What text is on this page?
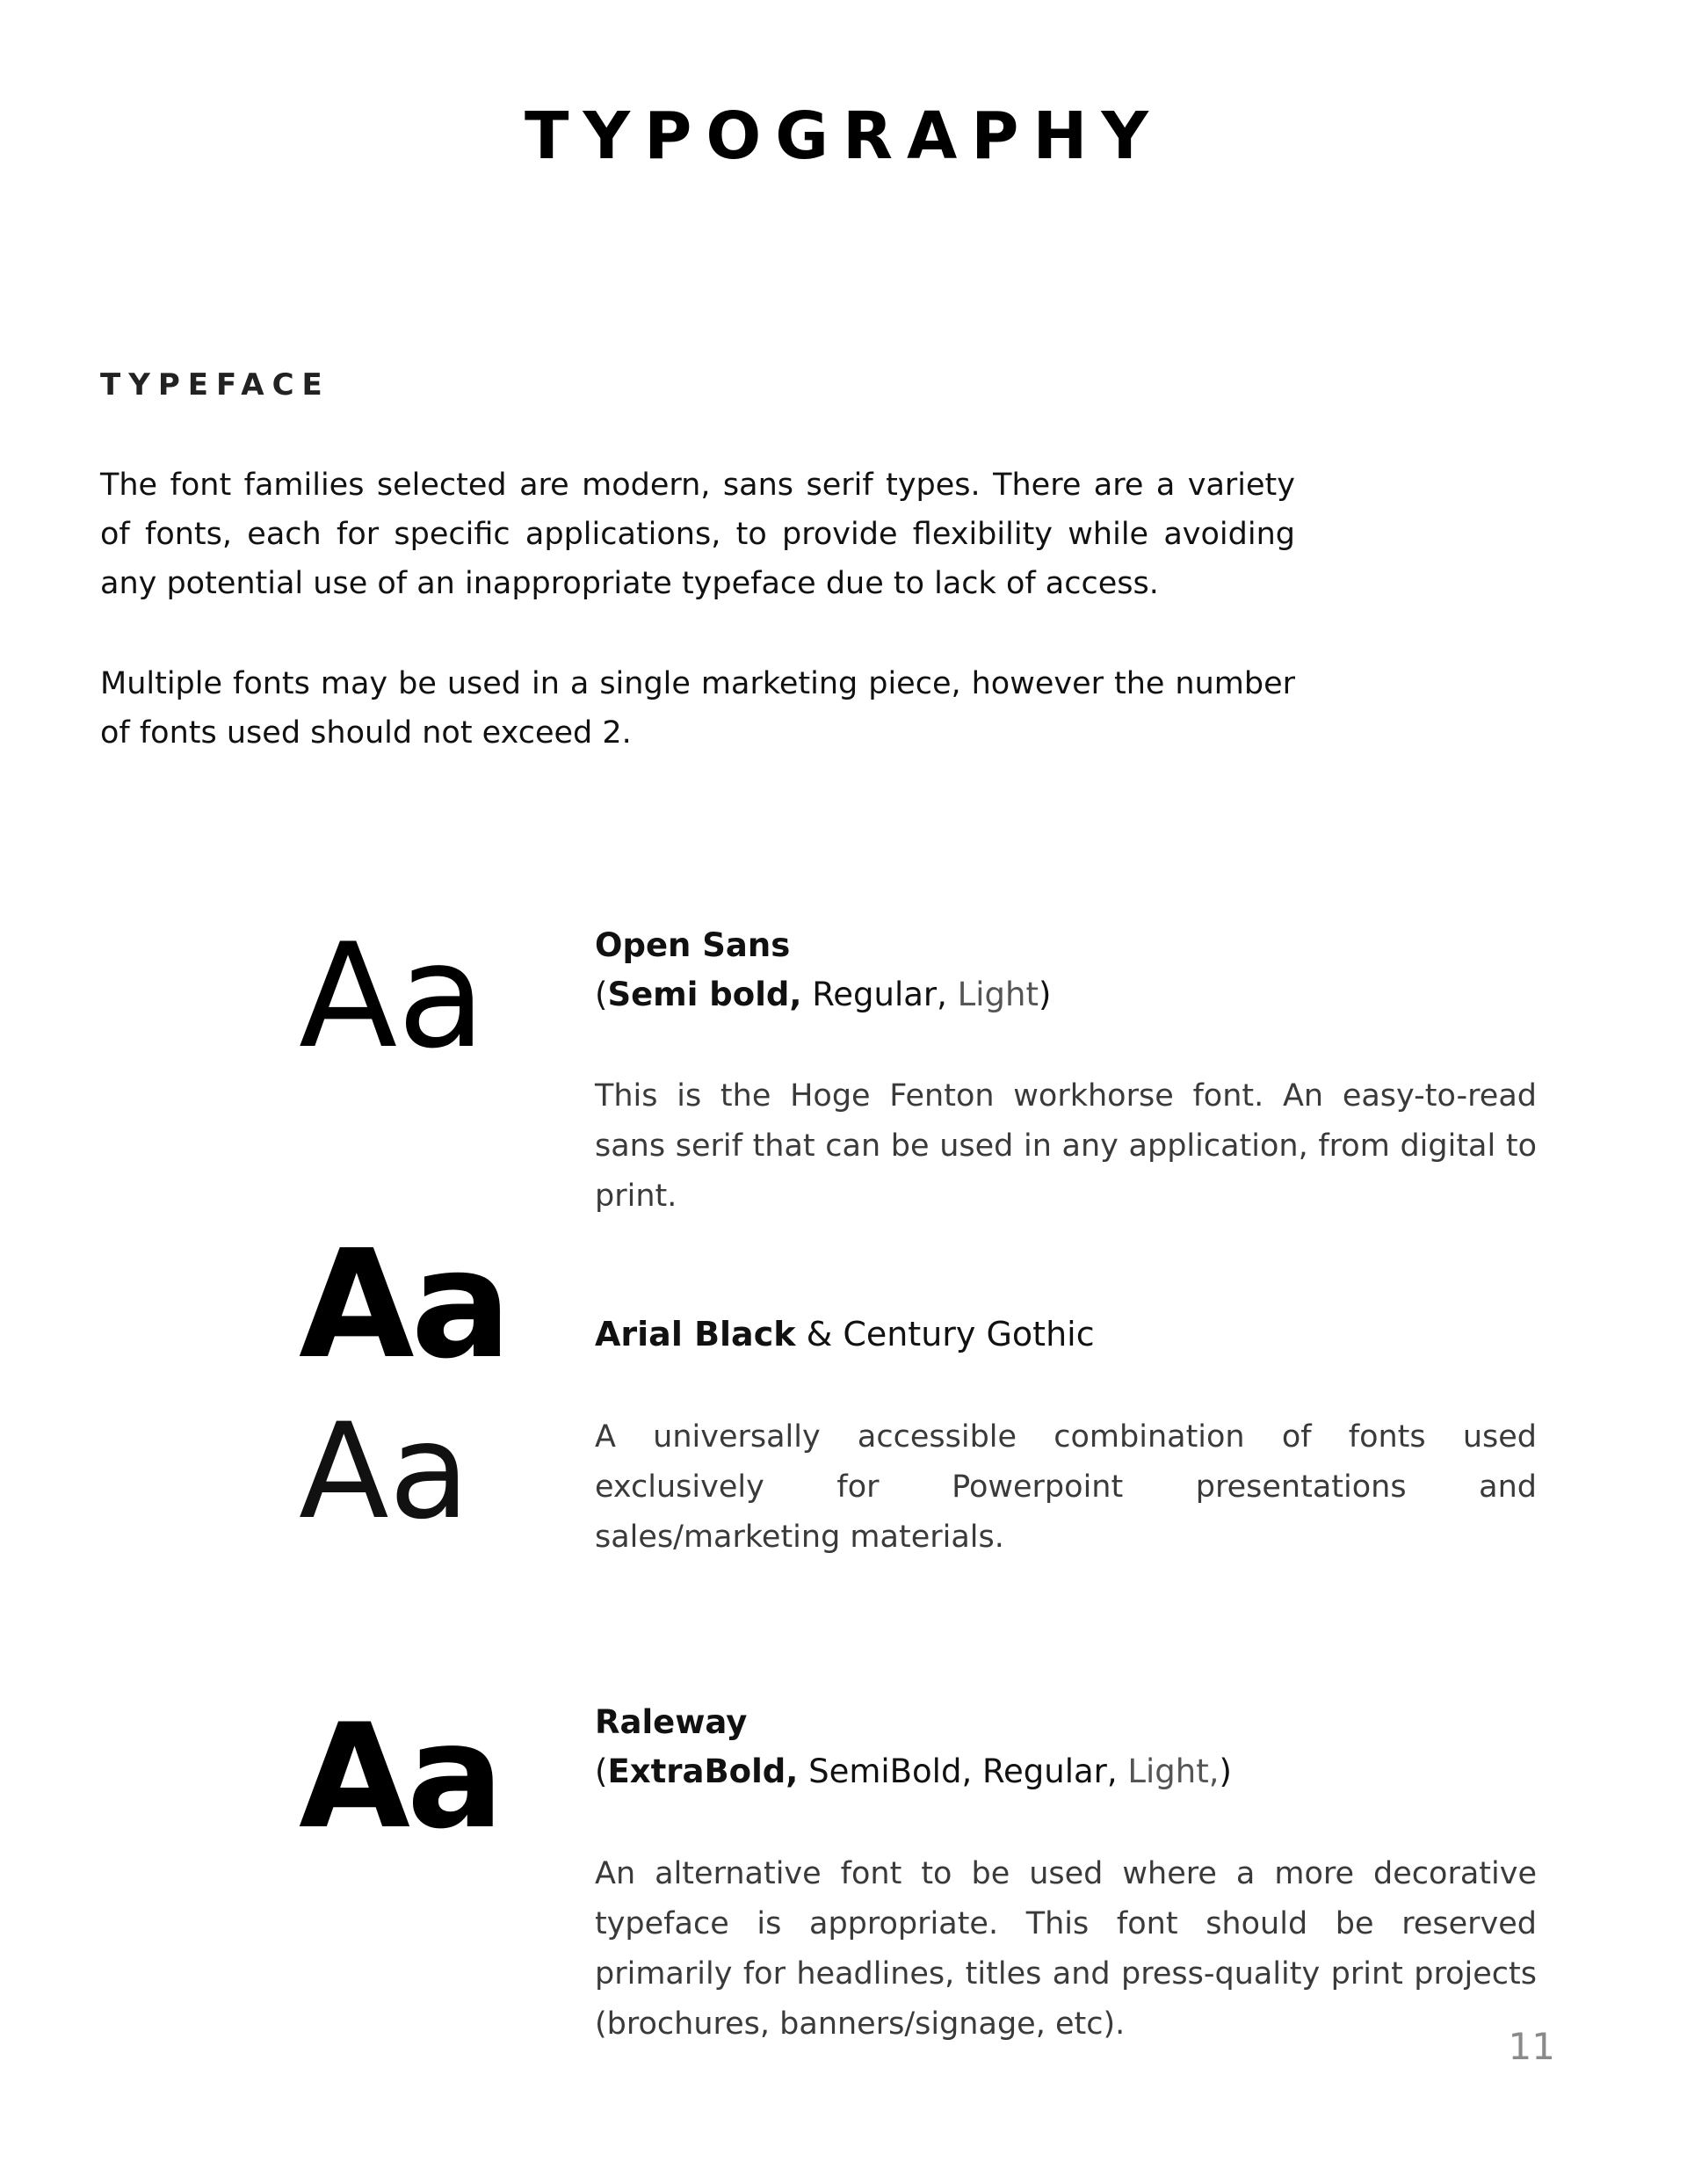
TYPOGRAPHY
TYPEFACE

The font families selected are modern, sans serif types. There are a variety of fonts, each for specific applications, to provide flexibility while avoiding any potential use of an inappropriate typeface due to lack of access.

Multiple fonts may be used in a single marketing piece, however the number of fonts used should not exceed 2.

Aa	Open Sans
(Semi bold, Regular, Light)

This is the Hoge Fenton workhorse font. An easy-to-read sans serif that can be used in any application, from digital to print.

Aa
Aa
Arial Black & Century Gothic

A universally accessible combination of fonts used exclusively for Powerpoint presentations and sales/marketing materials.

Aa	Raleway
(ExtraBold, SemiBold, Regular, Light,)

An alternative font to be used where a more decorative typeface is appropriate. This font should be reserved primarily for headlines, titles and press-quality print projects (brochures, banners/signage, etc).

11
